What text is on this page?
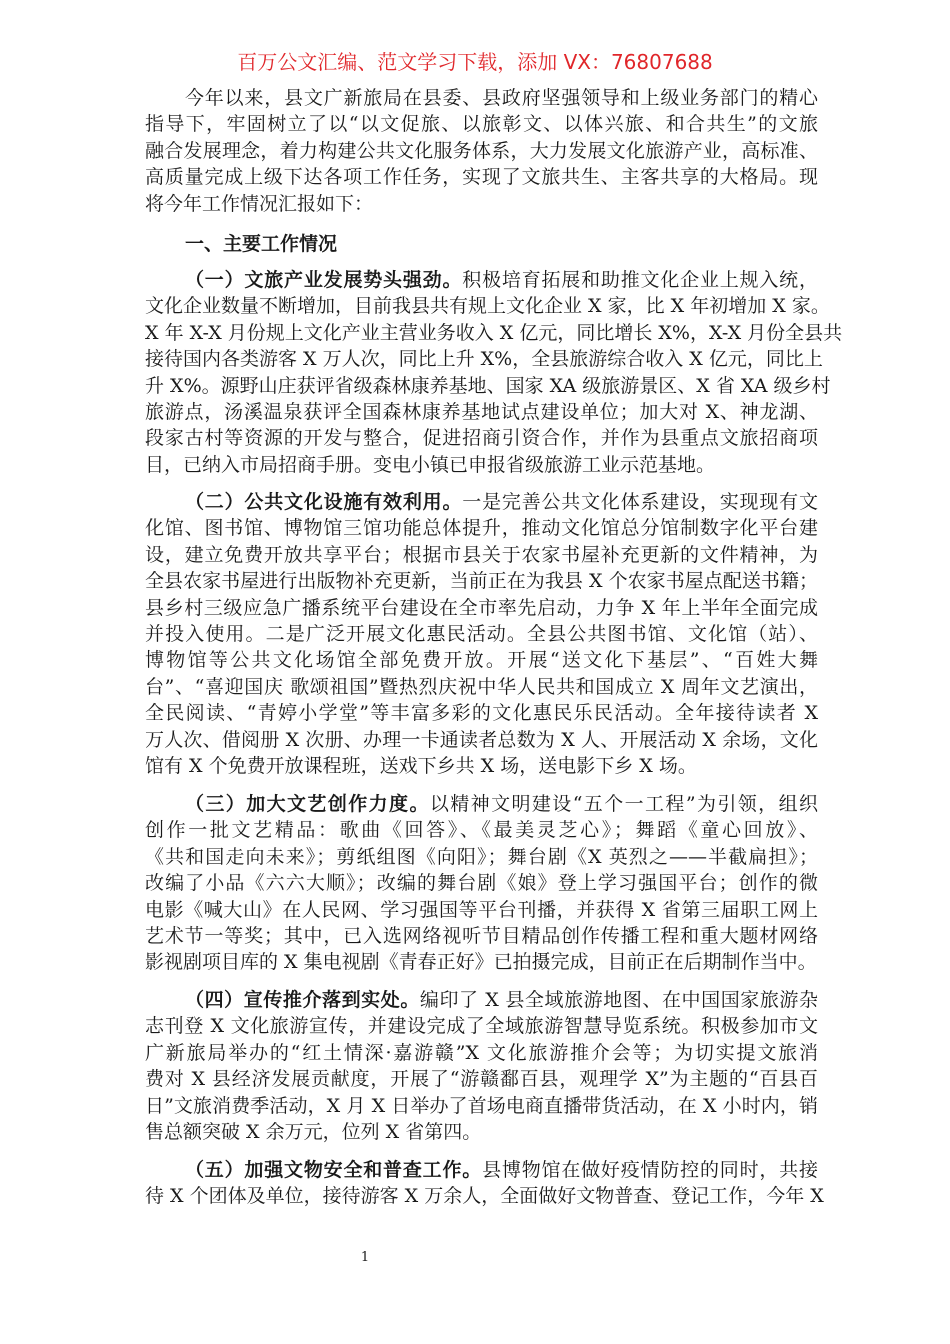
百万公文汇编、范文学习下载，添加 VX：76807688
今年以来，县文广新旅局在县委、县政府坚强领导和上级业务部门的精心
指导下，牢固树立了以“以文促旅、以旅彰文、以体兴旅、和合共生”的文旅
融合发展理念，着力构建公共文化服务体系，大力发展文化旅游产业，高标准、
高质量完成上级下达各项工作任务，实现了文旅共生、主客共享的大格局。现
将今年工作情况汇报如下：
（一）文旅产业发展势头强劲。积极培育拓展和助推文化企业上规入统，
文化企业数量不断增加，目前我县共有规上文化企业 X 家，比 X 年初增加 X 家。
X 年 X-X 月份规上文化产业主营业务收入 X 亿元，同比增长 X%，X-X 月份全县共
接待国内各类游客 X 万人次，同比上升 X%，全县旅游综合收入 X 亿元，同比上
升 X%。源野山庄获评省级森林康养基地、国家 XA 级旅游景区、X 省 XA 级乡村
旅游点，汤溪温泉获评全国森林康养基地试点建设单位；加大对 X、神龙湖、
段家古村等资源的开发与整合，促进招商引资合作，并作为县重点文旅招商项
目，已纳入市局招商手册。变电小镇已申报省级旅游工业示范基地。
（二）公共文化设施有效利用。一是完善公共文化体系建设，实现现有文
化馆、图书馆、博物馆三馆功能总体提升，推动文化馆总分馆制数字化平台建
设，建立免费开放共享平台；根据市县关于农家书屋补充更新的文件精神，为
全县农家书屋进行出版物补充更新，当前正在为我县 X 个农家书屋点配送书籍；
县乡村三级应急广播系统平台建设在全市率先启动，力争 X 年上半年全面完成
并投入使用。二是广泛开展文化惠民活动。全县公共图书馆、文化馆（站）、
博物馆等公共文化场馆全部免费开放。开展“送文化下基层”、“百姓大舞
台”、“喜迎国庆 歌颂祖国”暨热烈庆祝中华人民共和国成立 X 周年文艺演出，
全民阅读、“青婷小学堂”等丰富多彩的文化惠民乐民活动。全年接待读者 X
万人次、借阅册 X 次册、办理一卡通读者总数为 X 人、开展活动 X 余场，文化
馆有 X 个免费开放课程班，送戏下乡共 X 场，送电影下乡 X 场。
（三）加大文艺创作力度。以精神文明建设“五个一工程”为引领，组织
创作一批文艺精品：歌曲《回答》、《最美灵芝心》；舞蹈《童心回放》、
《共和国走向未来》；剪纸组图《向阳》；舞台剧《X 英烈之——半截扁担》；
改编了小品《六六大顺》；改编的舞台剧《娘》登上学习强国平台；创作的微
电影《喊大山》在人民网、学习强国等平台刊播，并获得 X 省第三届职工网上
艺术节一等奖；其中，已入选网络视听节目精品创作传播工程和重大题材网络
影视剧项目库的 X 集电视剧《青春正好》已拍摄完成，目前正在后期制作当中。
（四）宣传推介落到实处。编印了 X 县全域旅游地图、在中国国家旅游杂
志刊登 X 文化旅游宣传，并建设完成了全域旅游智慧导览系统。积极参加市文
广新旅局举办的“红土情深·嘉游赣”X 文化旅游推介会等；为切实提文旅消
费对 X 县经济发展贡献度，开展了“游赣鄱百县，观理学 X”为主题的“百县百
日”文旅消费季活动，X 月 X 日举办了首场电商直播带货活动，在 X 小时内，销
售总额突破 X 余万元，位列 X 省第四。
（五）加强文物安全和普查工作。县博物馆在做好疫情防控的同时，共接
待 X 个团体及单位，接待游客 X 万余人，全面做好文物普查、登记工作，今年 X
一、主要工作情况
1
